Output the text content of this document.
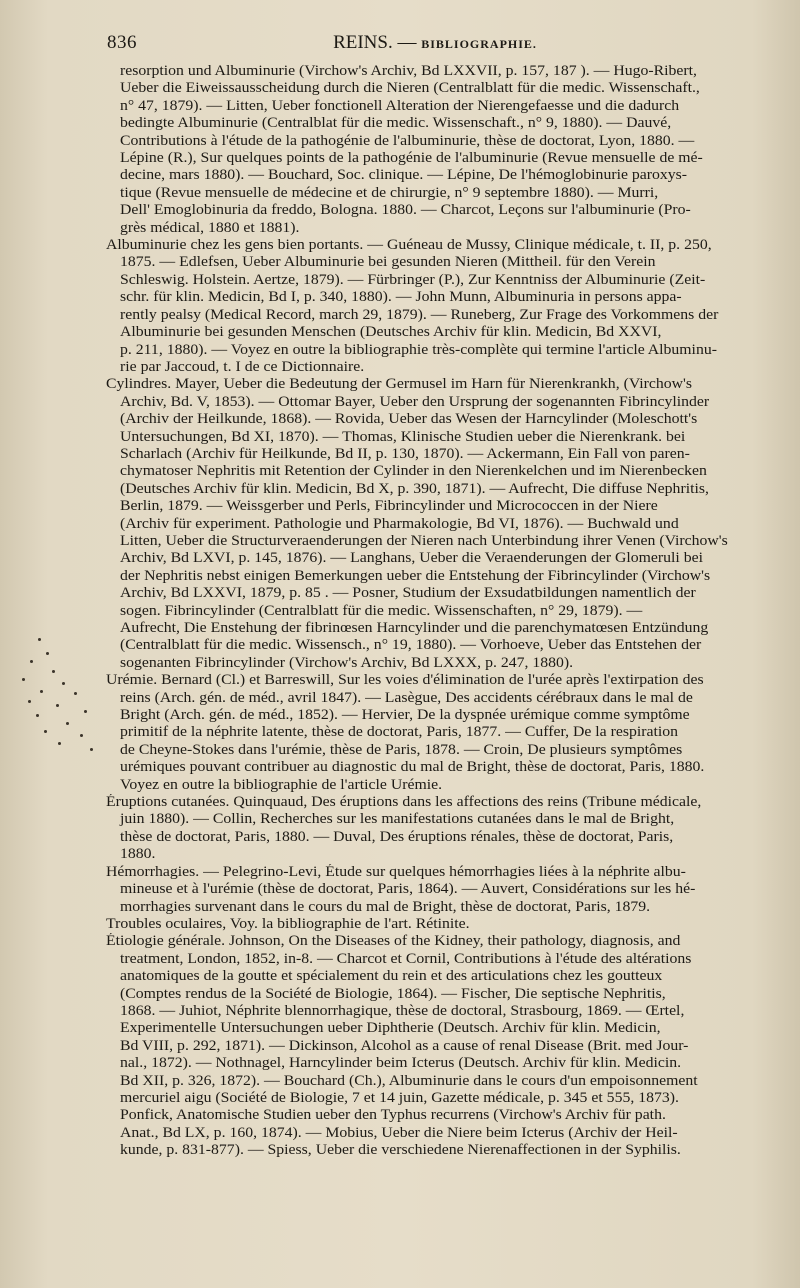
836	REINS. — BIBLIOGRAPHIE.
resorption und Albuminurie (Virchow's Archiv, Bd LXXVII, p. 157, 187 ). — Hugo-Ribert,
Ueber die Eiweissausscheidung durch die Nieren (Centralblatt für die medic. Wissenschaft.,
n° 47, 1879). — Litten, Ueber fonctionell Alteration der Nierengefaesse und die dadurch
bedingte Albuminurie (Centralblat für die medic. Wissenschaft., n° 9, 1880). — Dauvé,
Contributions à l'étude de la pathogénie de l'albuminurie, thèse de doctorat, Lyon, 1880. —
Lépine (R.), Sur quelques points de la pathogénie de l'albuminurie (Revue mensuelle de mé-
decine, mars 1880). — Bouchard, Soc. clinique. — Lépine, De l'hémoglobinurie paroxys-
tique (Revue mensuelle de médecine et de chirurgie, n° 9 septembre 1880). — Murri,
Dell' Emoglobinuria da freddo, Bologna. 1880. — Charcot, Leçons sur l'albuminurie (Pro-
grès médical, 1880 et 1881).
Albuminurie chez les gens bien portants. — Guéneau de Mussy, Clinique médicale, t. II, p. 250,
1875. — Edlefsen, Ueber Albuminurie bei gesunden Nieren (Mittheil. für den Verein
Schleswig. Holstein. Aertze, 1879). — Fürbringer (P.), Zur Kenntniss der Albuminurie (Zeit-
schr. für klin. Medicin, Bd I, p. 340, 1880). — John Munn, Albuminuria in persons appa-
rently pealsy (Medical Record, march 29, 1879). — Runeberg, Zur Frage des Vorkommens der
Albuminurie bei gesunden Menschen (Deutsches Archiv für klin. Medicin, Bd XXVI,
p. 211, 1880). — Voyez en outre la bibliographie très-complète qui termine l'article Albuminu-
rie par Jaccoud, t. I de ce Dictionnaire.
Cylindres. Mayer, Ueber die Bedeutung der Germusel im Harn für Nierenkrankh, (Virchow's
Archiv, Bd. V, 1853). — Ottomar Bayer, Ueber den Ursprung der sogenannten Fibrincylinder
(Archiv der Heilkunde, 1868). — Rovida, Ueber das Wesen der Harncylinder (Moleschott's
Untersuchungen, Bd XI, 1870). — Thomas, Klinische Studien ueber die Nierenkrank. bei
Scharlach (Archiv für Heilkunde, Bd II, p. 130, 1870). — Ackermann, Ein Fall von paren-
chymatoser Nephritis mit Retention der Cylinder in den Nierenkelchen und im Nierenbecken
(Deutsches Archiv für klin. Medicin, Bd X, p. 390, 1871). — Aufrecht, Die diffuse Nephritis,
Berlin, 1879. — Weissgerber und Perls, Fibrincylinder und Micrococcen in der Niere
(Archiv für experiment. Pathologie und Pharmakologie, Bd VI, 1876). — Buchwald und
Litten, Ueber die Structurveraenderungen der Nieren nach Unterbindung ihrer Venen (Virchow's
Archiv, Bd LXVI, p. 145, 1876). — Langhans, Ueber die Veraenderungen der Glomeruli bei
der Nephritis nebst einigen Bemerkungen ueber die Entstehung der Fibrincylinder (Virchow's
Archiv, Bd LXXVI, 1879, p. 85 . — Posner, Studium der Exsudatbildungen namentlich der
sogen. Fibrincylinder (Centralblatt für die medic. Wissenschaften, n° 29, 1879). —
Aufrecht, Die Enstehung der fibrinœsen Harncylinder und die parenchymatœsen Entzündung
(Centralblatt für die medic. Wissensch., n° 19, 1880). — Vorhoeve, Ueber das Entstehen der
sogenanten Fibrincylinder (Virchow's Archiv, Bd LXXX, p. 247, 1880).
Urémie. Bernard (Cl.) et Barreswill, Sur les voies d'élimination de l'urée après l'extirpation des
reins (Arch. gén. de méd., avril 1847). — Lasègue, Des accidents cérébraux dans le mal de
Bright (Arch. gén. de méd., 1852). — Hervier, De la dyspnée urémique comme symptôme
primitif de la néphrite latente, thèse de doctorat, Paris, 1877. — Cuffer, De la respiration
de Cheyne-Stokes dans l'urémie, thèse de Paris, 1878. — Croin, De plusieurs symptômes
urémiques pouvant contribuer au diagnostic du mal de Bright, thèse de doctorat, Paris, 1880.
Voyez en outre la bibliographie de l'article Urémie.
Éruptions cutanées. Quinquaud, Des éruptions dans les affections des reins (Tribune médicale,
juin 1880). — Collin, Recherches sur les manifestations cutanées dans le mal de Bright,
thèse de doctorat, Paris, 1880. — Duval, Des éruptions rénales, thèse de doctorat, Paris,
1880.
Hémorrhagies. — Pelegrino-Levi, Étude sur quelques hémorrhagies liées à la néphrite albu-
mineuse et à l'urémie (thèse de doctorat, Paris, 1864). — Auvert, Considérations sur les hé-
morrhagies survenant dans le cours du mal de Bright, thèse de doctorat, Paris, 1879.
Troubles oculaires, Voy. la bibliographie de l'art. Rétinite.
Étiologie générale. Johnson, On the Diseases of the Kidney, their pathology, diagnosis, and
treatment, London, 1852, in-8. — Charcot et Cornil, Contributions à l'étude des altérations
anatomiques de la goutte et spécialement du rein et des articulations chez les goutteux
(Comptes rendus de la Société de Biologie, 1864). — Fischer, Die septische Nephritis,
1868. — Juhiot, Néphrite blennorrhagique, thèse de doctoral, Strasbourg, 1869. — Œrtel,
Experimentelle Untersuchungen ueber Diphtherie (Deutsch. Archiv für klin. Medicin,
Bd VIII, p. 292, 1871). — Dickinson, Alcohol as a cause of renal Disease (Brit. med Jour-
nal., 1872). — Nothnagel, Harncylinder beim Icterus (Deutsch. Archiv für klin. Medicin.
Bd XII, p. 326, 1872). — Bouchard (Ch.), Albuminurie dans le cours d'un empoisonnement
mercuriel aigu (Société de Biologie, 7 et 14 juin, Gazette médicale, p. 345 et 555, 1873).
Ponfick, Anatomische Studien ueber den Typhus recurrens (Virchow's Archiv für path.
Anat., Bd LX, p. 160, 1874). — Mobius, Ueber die Niere beim Icterus (Archiv der Heil-
kunde, p. 831-877). — Spiess, Ueber die verschiedene Nierenaffectionen in der Syphilis.
